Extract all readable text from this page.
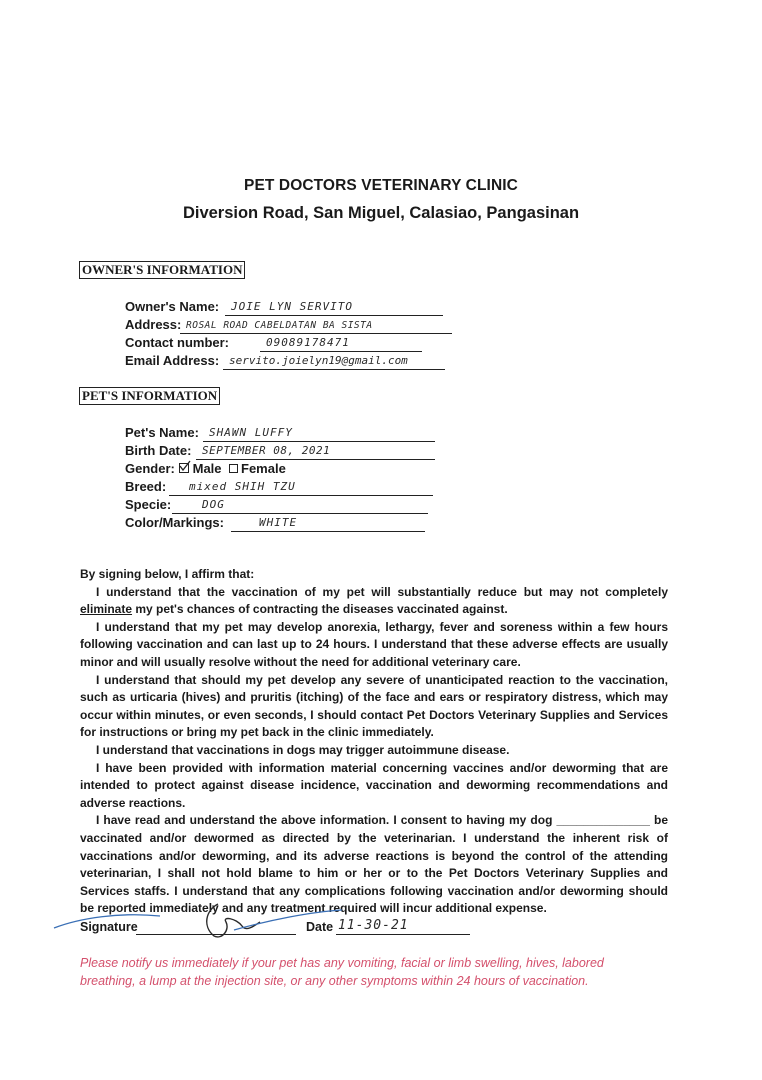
PET DOCTORS VETERINARY CLINIC
Diversion Road, San Miguel, Calasiao, Pangasinan
OWNER'S INFORMATION
Owner's Name: JOIE LYN SERVITO
Address: ROSAL ROAD CABELDATAN BA SISTA
Contact number:	09089178471
Email Address: servito.joielyn19@gmail.com
PET'S INFORMATION
Pet's Name: SHAWN LUFFY
Birth Date: SEPTEMBER 08, 2021
Gender:	Male	Female
Breed: mixed SHIH TZU
Specie:	DOG
Color/Markings:	WHITE

By signing below, I affirm that:

I understand that the vaccination of my pet will substantially reduce but may not completely eliminate my pet's chances of contracting the diseases vaccinated against.

I understand that my pet may develop anorexia, lethargy, fever and soreness within a few hours following vaccination and can last up to 24 hours. I understand that these adverse effects are usually minor and will usually resolve without the need for additional veterinary care.

I understand that should my pet develop any severe of unanticipated reaction to the vaccination, such as urticaria (hives) and pruritis (itching) of the face and ears or respiratory distress, which may occur within minutes, or even seconds, I should contact Pet Doctors Veterinary Supplies and Services for instructions or bring my pet back in the clinic immediately.

I understand that vaccinations in dogs may trigger autoimmune disease.

I have been provided with information material concerning vaccines and/or deworming that are intended to protect against disease incidence, vaccination and deworming recommendations and adverse reactions.

I have read and understand the above information. I consent to having my dog ______________ be vaccinated and/or dewormed as directed by the veterinarian. I understand the inherent risk of vaccinations and/or deworming, and its adverse reactions is beyond the control of the attending veterinarian, I shall not hold blame to him or her or to the Pet Doctors Veterinary Supplies and Services staffs. I understand that any complications following vaccination and/or deworming should be reported immediately and any treatment required will incur additional expense.

Signature	Date 11-30-21
Please notify us immediately if your pet has any vomiting, facial or limb swelling, hives, labored breathing, a lump at the injection site, or any other symptoms within 24 hours of vaccination.
